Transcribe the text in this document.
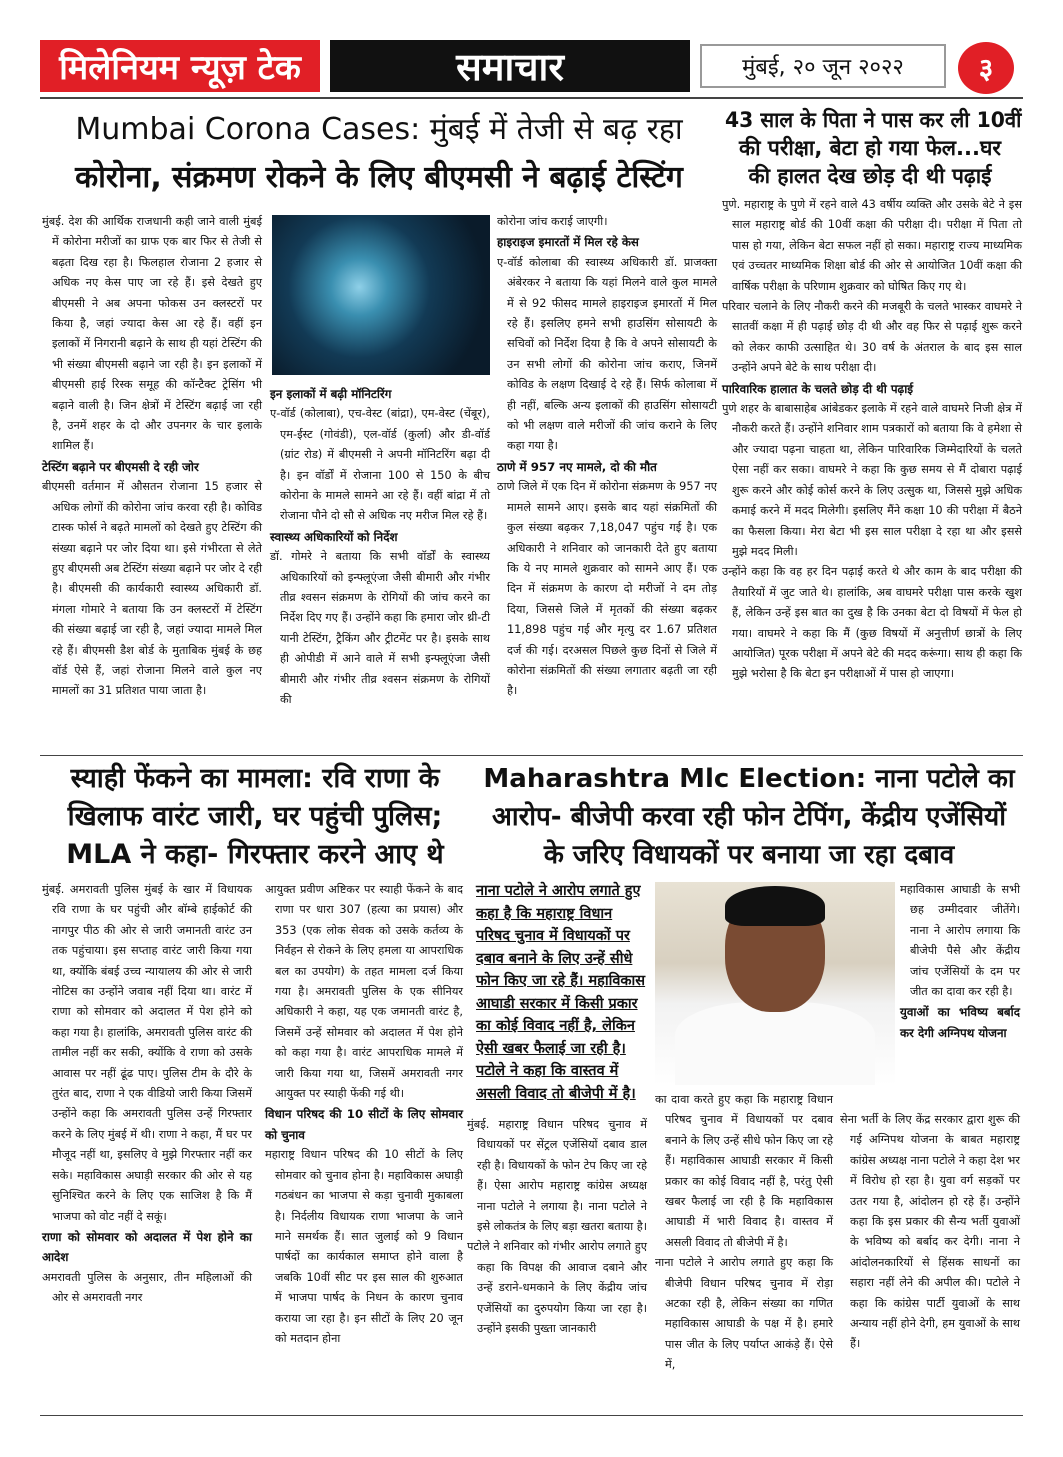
मिलेनियम न्यूज़ टेक	समाचार	मुंबई, २० जून २०२२	३
Mumbai Corona Cases: मुंबई में तेजी से बढ़ रहा
कोरोना, संक्रमण रोकने के लिए बीएमसी ने बढ़ाई टेस्टिंग

मुंबई. देश की आर्थिक राजधानी कही जाने वाली मुंबई में कोरोना मरीजों का ग्राफ एक बार फिर से तेजी से बढ़ता दिख रहा है। फिलहाल रोजाना 2 हजार से अधिक नए केस पाए जा रहे हैं। इसे देखते हुए बीएमसी ने अब अपना फोकस उन क्लस्टरों पर किया है, जहां ज्यादा केस आ रहे हैं। वहीं इन इलाकों में निगरानी बढ़ाने के साथ ही यहां टेस्टिंग की भी संख्या बीएमसी बढ़ाने जा रही है। इन इलाकों में बीएमसी हाई रिस्क समूह की कॉन्टैक्ट ट्रेसिंग भी बढ़ाने वाली है। जिन क्षेत्रों में टेस्टिंग बढ़ाई जा रही है, उनमें शहर के दो और उपनगर के चार इलाके शामिल हैं।

टेस्टिंग बढ़ाने पर बीएमसी दे रही जोर

बीएमसी वर्तमान में औसतन रोजाना 15 हजार से अधिक लोगों की कोरोना जांच करवा रही है। कोविड टास्क फोर्स ने बढ़ते मामलों को देखते हुए टेस्टिंग की संख्या बढ़ाने पर जोर दिया था। इसे गंभीरता से लेते हुए बीएमसी अब टेस्टिंग संख्या बढ़ाने पर जोर दे रही है। बीएमसी की कार्यकारी स्वास्थ्य अधिकारी डॉ. मंगला गोमारे ने बताया कि उन क्लस्टरों में टेस्टिंग की संख्या बढ़ाई जा रही है, जहां ज्यादा मामले मिल रहे हैं। बीएमसी डैश बोर्ड के मुताबिक मुंबई के छह वॉर्ड ऐसे हैं, जहां रोजाना मिलने वाले कुल नए मामलों का 31 प्रतिशत पाया जाता है।

इन इलाकों में बढ़ी मॉनिटरिंग

ए-वॉर्ड (कोलाबा), एच-वेस्ट (बांद्रा), एम-वेस्ट (चेंबूर), एम-ईस्ट (गोवंडी), एल-वॉर्ड (कुर्ला) और डी-वॉर्ड (ग्रांट रोड) में बीएमसी ने अपनी मॉनिटरिंग बढ़ा दी है। इन वॉर्डों में रोजाना 100 से 150 के बीच कोरोना के मामले सामने आ रहे हैं। वहीं बांद्रा में तो रोजाना पौने दो सौ से अधिक नए मरीज मिल रहे हैं।

स्वास्थ्य अधिकारियों को निर्देश

डॉ. गोमरे ने बताया कि सभी वॉर्डों के स्वास्थ्य अधिकारियों को इन्फ्लूएंजा जैसी बीमारी और गंभीर तीव्र श्वसन संक्रमण के रोगियों की जांच करने का निर्देश दिए गए हैं। उन्होंने कहा कि हमारा जोर थ्री-टी यानी टेस्टिंग, ट्रैकिंग और ट्रीटमेंट पर है। इसके साथ ही ओपीडी में आने वाले में सभी इन्फ्लूएंजा जैसी बीमारी और गंभीर तीव्र श्वसन संक्रमण के रोगियों की

कोरोना जांच कराई जाएगी।

हाइराइज इमारतों में मिल रहे केस

ए-वॉर्ड कोलाबा की स्वास्थ्य अधिकारी डॉ. प्राजक्ता अंबेरकर ने बताया कि यहां मिलने वाले कुल मामले में से 92 फीसद मामले हाइराइज इमारतों में मिल रहे हैं। इसलिए हमने सभी हाउसिंग सोसायटी के सचिवों को निर्देश दिया है कि वे अपने सोसायटी के उन सभी लोगों की कोरोना जांच कराए, जिनमें कोविड के लक्षण दिखाई दे रहे हैं। सिर्फ कोलाबा में ही नहीं, बल्कि अन्य इलाकों की हाउसिंग सोसायटी को भी लक्षण वाले मरीजों की जांच कराने के लिए कहा गया है।

ठाणे में 957 नए मामले, दो की मौत

ठाणे जिले में एक दिन में कोरोना संक्रमण के 957 नए मामले सामने आए। इसके बाद यहां संक्रमितों की कुल संख्या बढ़कर 7,18,047 पहुंच गई है। एक अधिकारी ने शनिवार को जानकारी देते हुए बताया कि ये नए मामले शुक्रवार को सामने आए हैं। एक दिन में संक्रमण के कारण दो मरीजों ने दम तोड़ दिया, जिससे जिले में मृतकों की संख्या बढ़कर 11,898 पहुंच गई और मृत्यु दर 1.67 प्रतिशत दर्ज की गई। दरअसल पिछले कुछ दिनों से जिले में कोरोना संक्रमितों की संख्या लगातार बढ़ती जा रही है।

43 साल के पिता ने पास कर ली 10वीं
की परीक्षा, बेटा हो गया फेल...घर
की हालत देख छोड़ दी थी पढ़ाई

पुणे. महाराष्ट्र के पुणे में रहने वाले 43 वर्षीय व्यक्ति और उसके बेटे ने इस साल महाराष्ट्र बोर्ड की 10वीं कक्षा की परीक्षा दी। परीक्षा में पिता तो पास हो गया, लेकिन बेटा सफल नहीं हो सका। महाराष्ट्र राज्य माध्यमिक एवं उच्चतर माध्यमिक शिक्षा बोर्ड की ओर से आयोजित 10वीं कक्षा की वार्षिक परीक्षा के परिणाम शुक्रवार को घोषित किए गए थे।

परिवार चलाने के लिए नौकरी करने की मजबूरी के चलते भास्कर वाघमरे ने सातवीं कक्षा में ही पढ़ाई छोड़ दी थी और वह फिर से पढ़ाई शुरू करने को लेकर काफी उत्साहित थे। 30 वर्ष के अंतराल के बाद इस साल उन्होंने अपने बेटे के साथ परीक्षा दी।

पारिवारिक हालात के चलते छोड़ दी थी पढ़ाई

पुणे शहर के बाबासाहेब आंबेडकर इलाके में रहने वाले वाघमरे निजी क्षेत्र में नौकरी करते हैं। उन्होंने शनिवार शाम पत्रकारों को बताया कि वे हमेशा से और ज्यादा पढ़ना चाहता था, लेकिन पारिवारिक जिम्मेदारियों के चलते ऐसा नहीं कर सका। वाघमरे ने कहा कि कुछ समय से मैं दोबारा पढ़ाई शुरू करने और कोई कोर्स करने के लिए उत्सुक था, जिससे मुझे अधिक कमाई करने में मदद मिलेगी। इसलिए मैंने कक्षा 10 की परीक्षा में बैठने का फैसला किया। मेरा बेटा भी इस साल परीक्षा दे रहा था और इससे मुझे मदद मिली।

उन्होंने कहा कि वह हर दिन पढ़ाई करते थे और काम के बाद परीक्षा की तैयारियों में जुट जाते थे। हालांकि, अब वाघमरे परीक्षा पास करके खुश हैं, लेकिन उन्हें इस बात का दुख है कि उनका बेटा दो विषयों में फेल हो गया। वाघमरे ने कहा कि मैं (कुछ विषयों में अनुत्तीर्ण छात्रों के लिए आयोजित) पूरक परीक्षा में अपने बेटे की मदद करूंगा। साथ ही कहा कि मुझे भरोसा है कि बेटा इन परीक्षाओं में पास हो जाएगा।

स्याही फेंकने का मामला: रवि राणा के
खिलाफ वारंट जारी, घर पहुंची पुलिस;
MLA ने कहा- गिरफ्तार करने आए थे

मुंबई. अमरावती पुलिस मुंबई के खार में विधायक रवि राणा के घर पहुंची और बॉम्बे हाईकोर्ट की नागपुर पीठ की ओर से जारी जमानती वारंट उन तक पहुंचाया। इस सप्ताह वारंट जारी किया गया था, क्योंकि बंबई उच्च न्यायालय की ओर से जारी नोटिस का उन्होंने जवाब नहीं दिया था। वारंट में राणा को सोमवार को अदालत में पेश होने को कहा गया है। हालांकि, अमरावती पुलिस वारंट की तामील नहीं कर सकी, क्योंकि वे राणा को उसके आवास पर नहीं ढूंढ पाए। पुलिस टीम के दौरे के तुरंत बाद, राणा ने एक वीडियो जारी किया जिसमें उन्होंने कहा कि अमरावती पुलिस उन्हें गिरफ्तार करने के लिए मुंबई में थी। राणा ने कहा, मैं घर पर मौजूद नहीं था, इसलिए वे मुझे गिरफ्तार नहीं कर सके। महाविकास अघाड़ी सरकार की ओर से यह सुनिश्चित करने के लिए एक साजिश है कि मैं भाजपा को वोट नहीं दे सकूं।

राणा को सोमवार को अदालत में पेश होने का आदेश

अमरावती पुलिस के अनुसार, तीन महिलाओं की ओर से अमरावती नगर

आयुक्त प्रवीण अष्टिकर पर स्याही फेंकने के बाद राणा पर धारा 307 (हत्या का प्रयास) और 353 (एक लोक सेवक को उसके कर्तव्य के निर्वहन से रोकने के लिए हमला या आपराधिक बल का उपयोग) के तहत मामला दर्ज किया गया है। अमरावती पुलिस के एक सीनियर अधिकारी ने कहा, यह एक जमानती वारंट है, जिसमें उन्हें सोमवार को अदालत में पेश होने को कहा गया है। वारंट आपराधिक मामले में जारी किया गया था, जिसमें अमरावती नगर आयुक्त पर स्याही फेंकी गई थी।

विधान परिषद की 10 सीटों के लिए सोमवार को चुनाव

महाराष्ट्र विधान परिषद की 10 सीटों के लिए सोमवार को चुनाव होना है। महाविकास अघाड़ी गठबंधन का भाजपा से कड़ा चुनावी मुकाबला है। निर्दलीय विधायक राणा भाजपा के जाने माने समर्थक हैं। सात जुलाई को 9 विधान पार्षदों का कार्यकाल समाप्त होने वाला है जबकि 10वीं सीट पर इस साल की शुरुआत में भाजपा पार्षद के निधन के कारण चुनाव कराया जा रहा है। इन सीटों के लिए 20 जून को मतदान होना

Maharashtra Mlc Election: नाना पटोले का
आरोप- बीजेपी करवा रही फोन टेपिंग, केंद्रीय एजेंसियों
के जरिए विधायकों पर बनाया जा रहा दबाव
नाना पटोले ने आरोप लगाते हुए कहा है कि महाराष्ट्र विधान परिषद चुनाव में विधायकों पर दबाव बनाने के लिए उन्हें सीधे फोन किए जा रहे हैं। महाविकास आघाडी सरकार में किसी प्रकार का कोई विवाद नहीं है, लेकिन ऐसी खबर फैलाई जा रही है। पटोले ने कहा कि वास्तव में असली विवाद तो बीजेपी में है।

महाविकास आघाडी के सभी छह उम्मीदवार जीतेंगे। नाना ने आरोप लगाया कि बीजेपी पैसे और केंद्रीय जांच एजेंसियों के दम पर जीत का दावा कर रही है।

युवाओं का भविष्य बर्बाद कर देगी अग्निपथ योजना

मुंबई. महाराष्ट्र विधान परिषद चुनाव में विधायकों पर सेंट्रल एजेंसियों दबाव डाल रही है। विधायकों के फोन टेप किए जा रहे हैं। ऐसा आरोप महाराष्ट्र कांग्रेस अध्यक्ष नाना पटोले ने लगाया है। नाना पटोले ने इसे लोकतंत्र के लिए बड़ा खतरा बताया है।

पटोले ने शनिवार को गंभीर आरोप लगाते हुए कहा कि विपक्ष की आवाज दबाने और उन्हें डराने-धमकाने के लिए केंद्रीय जांच एजेंसियों का दुरुपयोग किया जा रहा है। उन्होंने इसकी पुख्ता जानकारी

का दावा करते हुए कहा कि महाराष्ट्र विधान परिषद चुनाव में विधायकों पर दबाव बनाने के लिए उन्हें सीधे फोन किए जा रहे हैं। महाविकास आघाडी सरकार में किसी प्रकार का कोई विवाद नहीं है, परंतु ऐसी खबर फैलाई जा रही है कि महाविकास आघाडी में भारी विवाद है। वास्तव में असली विवाद तो बीजेपी में है।

नाना पटोले ने आरोप लगाते हुए कहा कि बीजेपी विधान परिषद चुनाव में रोड़ा अटका रही है, लेकिन संख्या का गणित महाविकास आघाडी के पक्ष में है। हमारे पास जीत के लिए पर्याप्त आकंड़े हैं। ऐसे में,

सेना भर्ती के लिए केंद्र सरकार द्वारा शुरू की गई अग्निपथ योजना के बाबत महाराष्ट्र कांग्रेस अध्यक्ष नाना पटोले ने कहा देश भर में विरोध हो रहा है। युवा वर्ग सड़कों पर उतर गया है, आंदोलन हो रहे हैं। उन्होंने कहा कि इस प्रकार की सैन्य भर्ती युवाओं के भविष्य को बर्बाद कर देगी। नाना ने आंदोलनकारियों से हिंसक साधनों का सहारा नहीं लेने की अपील की। पटोले ने कहा कि कांग्रेस पार्टी युवाओं के साथ अन्याय नहीं होने देगी, हम युवाओं के साथ हैं।
